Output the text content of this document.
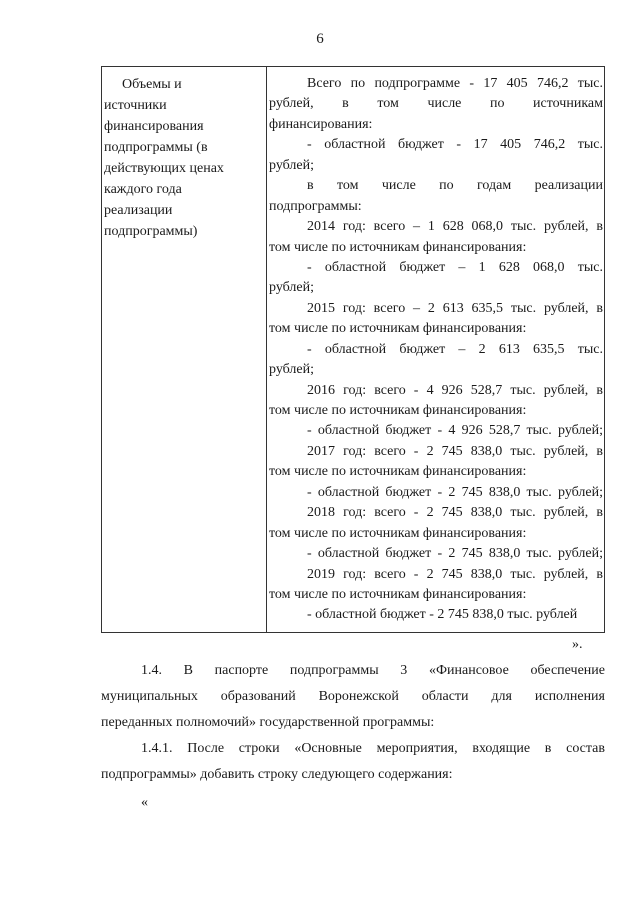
6
Объемы и
источники
финансирования
подпрограммы (в
действующих ценах
каждого года
реализации
подпрограммы)
Всего по подпрограмме - 17 405 746,2 тыс.
рублей, в том числе по источникам
финансирования:
- областной бюджет - 17 405 746,2 тыс.
рублей;
в том числе по годам реализации
подпрограммы:
2014 год: всего – 1 628 068,0 тыс. рублей, в
том числе по источникам финансирования:
- областной бюджет – 1 628 068,0 тыс.
рублей;
2015 год: всего – 2 613 635,5 тыс. рублей, в
том числе по источникам финансирования:
- областной бюджет – 2 613 635,5 тыс.
рублей;
2016 год: всего - 4 926 528,7 тыс. рублей, в
том числе по источникам финансирования:
- областной бюджет - 4 926 528,7 тыс. рублей;
2017 год: всего - 2 745 838,0 тыс. рублей, в
том числе по источникам финансирования:
- областной бюджет - 2 745 838,0 тыс. рублей;
2018 год: всего - 2 745 838,0 тыс. рублей, в
том числе по источникам финансирования:
- областной бюджет - 2 745 838,0 тыс. рублей;
2019 год: всего - 2 745 838,0 тыс. рублей, в
том числе по источникам финансирования:
- областной бюджет - 2 745 838,0 тыс. рублей
».
1.4. В паспорте подпрограммы 3 «Финансовое обеспечение
муниципальных образований Воронежской области для исполнения
переданных полномочий» государственной программы:
1.4.1. После строки «Основные мероприятия, входящие в состав
подпрограммы» добавить строку следующего содержания:
«
